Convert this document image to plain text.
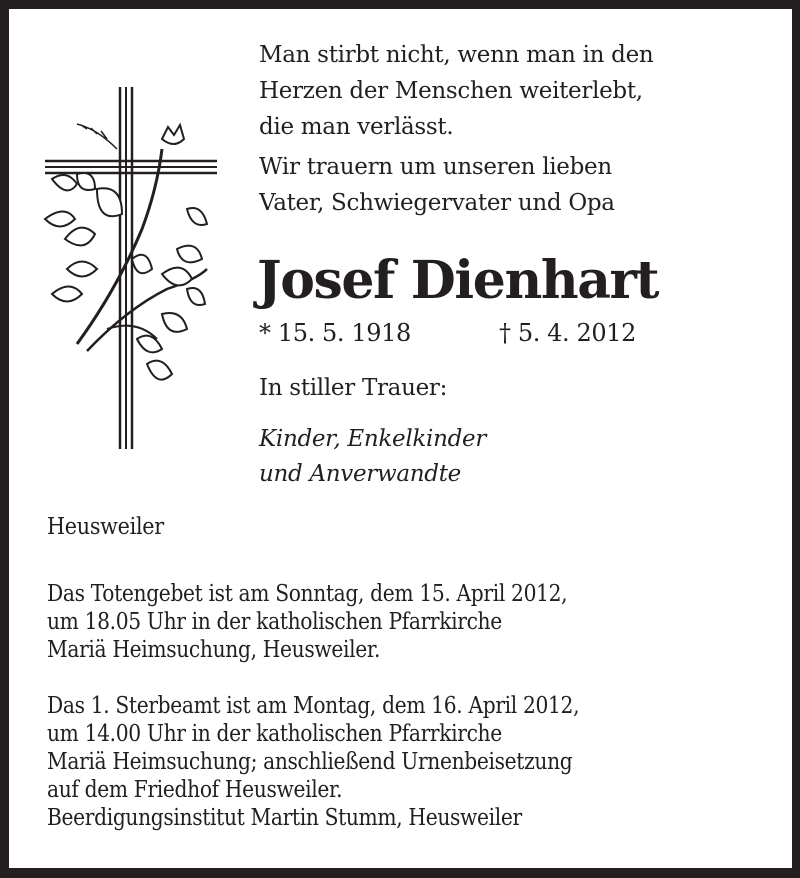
Man stirbt nicht, wenn man in den
Herzen der Menschen weiterlebt,
die man verlässt.
Wir trauern um unseren lieben
Vater, Schwiegervater und Opa
Josef Dienhart
* 15. 5. 1918	† 5. 4. 2012
In stiller Trauer:
Kinder, Enkelkinder
und Anverwandte
Heusweiler
Das Totengebet ist am Sonntag, dem 15. April 2012,
um 18.05 Uhr in der katholischen Pfarrkirche
Mariä Heimsuchung, Heusweiler.
Das 1. Sterbeamt ist am Montag, dem 16. April 2012,
um 14.00 Uhr in der katholischen Pfarrkirche
Mariä Heimsuchung; anschließend Urnenbeisetzung
auf dem Friedhof Heusweiler.
Beerdigungsinstitut Martin Stumm, Heusweiler
